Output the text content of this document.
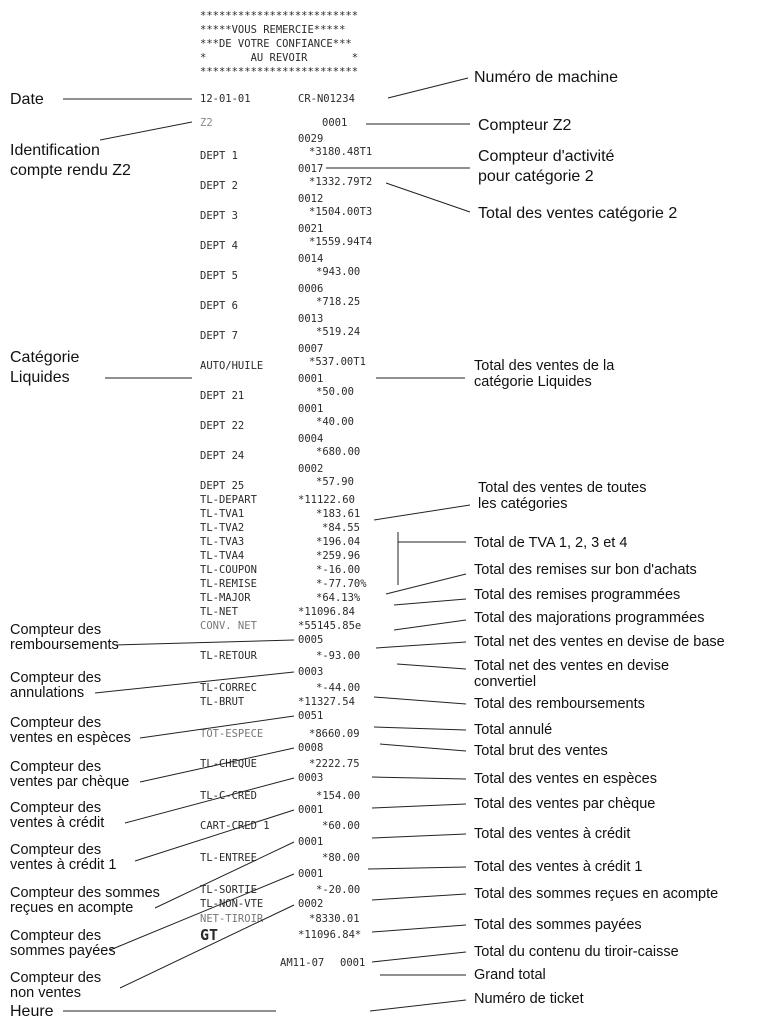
*************************
*****VOUS REMERCIE*****
***DE VOTRE CONFIANCE***
*       AU REVOIR       *
*************************
12-01-01	CR-N01234
Z2	0001
0029
DEPT 1	*3180.48T1
0017
DEPT 2	*1332.79T2
0012
DEPT 3	*1504.00T3
0021
DEPT 4	*1559.94T4
0014
DEPT 5	*943.00
0006
DEPT 6	*718.25
0013
DEPT 7	*519.24
0007
AUTO/HUILE	*537.00T1
0001
DEPT 21	*50.00
0001
DEPT 22	*40.00
0004
DEPT 24	*680.00
0002
DEPT 25	*57.90
TL-DEPART	*11122.60
TL-TVA1	*183.61
TL-TVA2	*84.55
TL-TVA3	*196.04
TL-TVA4	*259.96
TL-COUPON	*-16.00
TL-REMISE	*-77.70%
TL-MAJOR	*64.13%
TL-NET	*11096.84
CONV. NET	*55145.85e
0005
TL-RETOUR	*-93.00
0003
TL-CORREC	*-44.00
TL-BRUT	*11327.54
0051
TOT-ESPECE	*8660.09
0008
TL-CHEQUE	*2222.75
0003
TL-C-CRED	*154.00
0001
CART-CRED 1	*60.00
0001
TL-ENTREE	*80.00
0001
TL-SORTIE	*-20.00
TL-NON-VTE	0002
NET-TIROIR	*8330.01
GT	*11096.84*
AM11-07 0001
Date
Identification
compte rendu Z2
Catégorie
Liquides
Compteur des
remboursements
Compteur des
annulations
Compteur des
ventes en espèces
Compteur des
ventes par chèque
Compteur des
ventes à crédit
Compteur des
ventes à crédit 1
Compteur des sommes
reçues en acompte
Compteur des
sommes payées
Compteur des
non ventes
Heure
Numéro de machine
Compteur Z2
Compteur d'activité
pour catégorie 2
Total des ventes catégorie 2
Total des ventes de la
catégorie Liquides
Total des ventes de toutes
les catégories
Total de TVA 1, 2, 3 et 4
Total des remises sur bon d'achats
Total des remises programmées
Total des majorations programmées
Total net des ventes en devise de base
Total net des ventes en devise
convertiel
Total des remboursements
Total annulé
Total brut des ventes
Total des ventes en espèces
Total des ventes par chèque
Total des ventes à crédit
Total des ventes à crédit 1
Total des sommes reçues en acompte
Total des sommes payées
Total du contenu du tiroir-caisse
Grand total
Numéro de ticket
